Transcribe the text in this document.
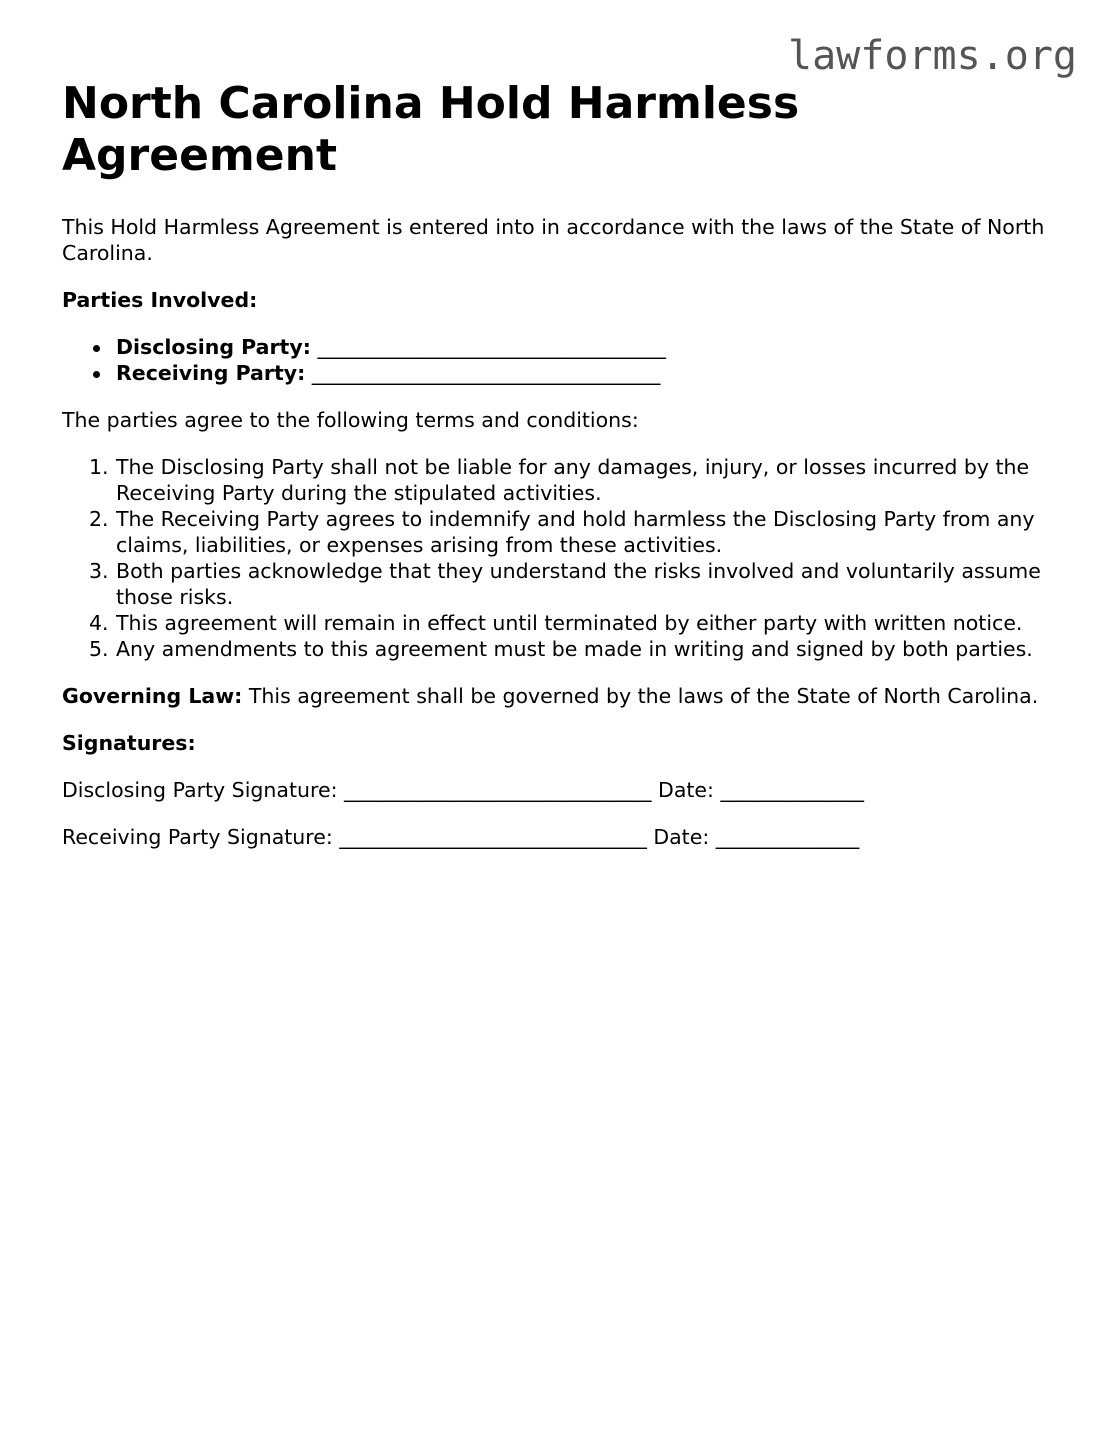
lawforms.org
North Carolina Hold Harmless Agreement

This Hold Harmless Agreement is entered into in accordance with the laws of the State of North Carolina.

Parties Involved:

Disclosing Party: __________________________________
Receiving Party: __________________________________

The parties agree to the following terms and conditions:

1. The Disclosing Party shall not be liable for any damages, injury, or losses incurred by the Receiving Party during the stipulated activities.
2. The Receiving Party agrees to indemnify and hold harmless the Disclosing Party from any claims, liabilities, or expenses arising from these activities.
3. Both parties acknowledge that they understand the risks involved and voluntarily assume those risks.
4. This agreement will remain in effect until terminated by either party with written notice.
5. Any amendments to this agreement must be made in writing and signed by both parties.

Governing Law: This agreement shall be governed by the laws of the State of North Carolina.

Signatures:

Disclosing Party Signature: ______________________________ Date: ______________

Receiving Party Signature: ______________________________ Date: ______________
